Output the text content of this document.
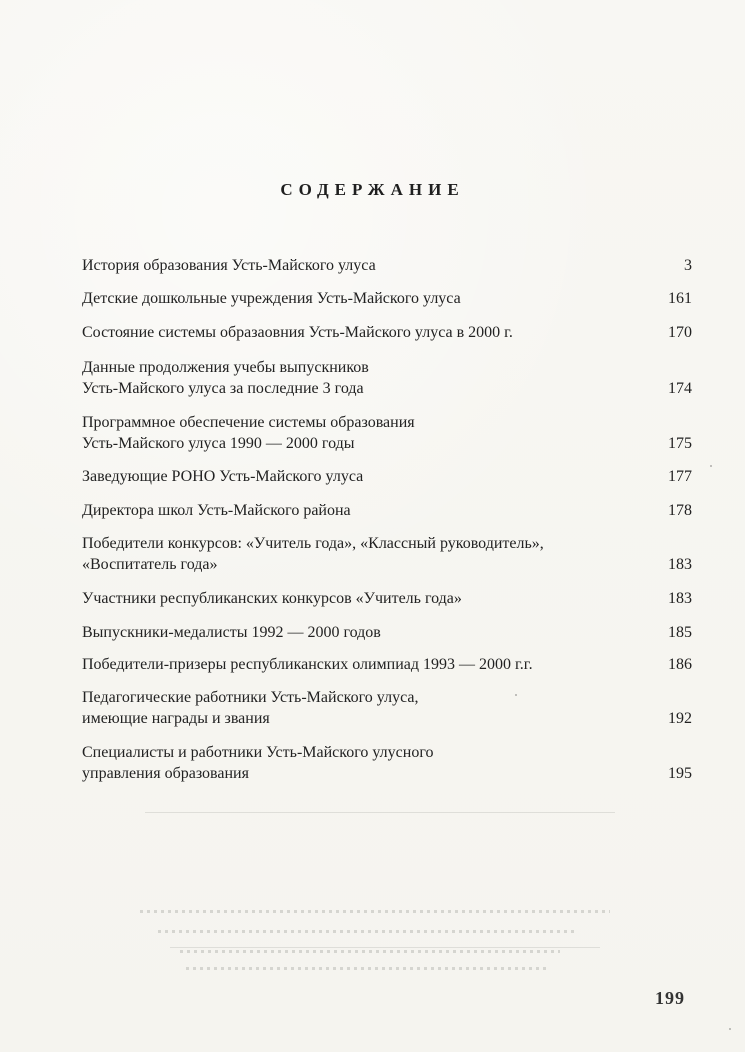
СОДЕРЖАНИЕ
История образования Усть-Майского улуса	3
Детские дошкольные учреждения Усть-Майского улуса	161
Состояние системы образаовния Усть-Майского улуса в 2000 г.	170
Данные продолжения учебы выпускников
Усть-Майского улуса за последние 3 года	174
Программное обеспечение системы образования
Усть-Майского улуса 1990 — 2000 годы	175
Заведующие РОНО Усть-Майского улуса	177
Директора школ Усть-Майского района	178
Победители конкурсов: «Учитель года», «Классный руководитель»,
«Воспитатель года»	183
Участники республиканских конкурсов «Учитель года»	183
Выпускники-медалисты 1992 — 2000 годов	185
Победители-призеры республиканских олимпиад 1993 — 2000 г.г.	186
Педагогические работники Усть-Майского улуса,
имеющие награды и звания	192
Специалисты и работники Усть-Майского улусного
управления образования	195
199
